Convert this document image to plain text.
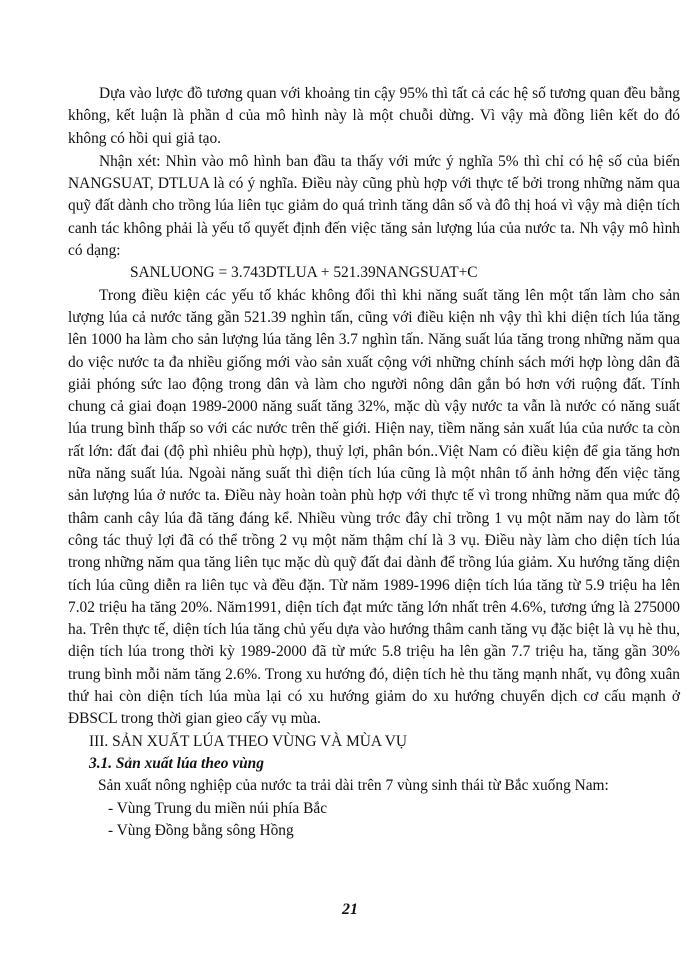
Dựa vào lược đồ tương quan với khoảng tin cậy 95% thì tất cả các hệ số tương quan đều bằng không, kết luận là phần d của mô hình này là một chuỗi dừng. Vì vậy mà đồng liên kết do đó không có hồi qui giả tạo.

Nhận xét: Nhìn vào mô hình ban đầu ta thấy với mức ý nghĩa 5% thì chỉ có hệ số của biến NANGSUAT, DTLUA là có ý nghĩa. Điều này cũng phù hợp với thực tế bởi trong những năm qua quỹ đất dành cho trồng lúa liên tục giảm do quá trình tăng dân số và đô thị hoá vì vậy mà diện tích canh tác không phải là yếu tố quyết định đến việc tăng sản lượng lúa của nước ta. Nh vậy mô hình có dạng:

SANLUONG = 3.743DTLUA + 521.39NANGSUAT+C

Trong điều kiện các yếu tố khác không đổi thì khi năng suất tăng lên một tấn làm cho sản lượng lúa cả nước tăng gần 521.39 nghìn tấn, cũng với điều kiện nh vậy thì khi diện tích lúa tăng lên 1000 ha làm cho sản lượng lúa tăng lên 3.7 nghìn tấn. Năng suất lúa tăng trong những năm qua do việc nước ta đa nhiều giống mới vào sản xuất cộng với những chính sách mới hợp lòng dân đã giải phóng sức lao động trong dân và làm cho người nông dân gắn bó hơn với ruộng đất. Tính chung cả giai đoạn 1989-2000 năng suất tăng 32%, mặc dù vậy nước ta vẫn là nước có năng suất lúa trung bình thấp so với các nước trên thế giới. Hiện nay, tiềm năng sản xuất lúa của nước ta còn rất lớn: đất đai (độ phì nhiêu phù hợp), thuỷ lợi, phân bón..Việt Nam có điều kiện để gia tăng hơn nữa năng suất lúa. Ngoài năng suất thì diện tích lúa cũng là một nhân tố ảnh hởng đến việc tăng sản lượng lúa ở nước ta. Điều này hoàn toàn phù hợp với thực tế vì trong những năm qua mức độ thâm canh cây lúa đã tăng đáng kể. Nhiều vùng trớc đây chỉ trồng 1 vụ một năm nay do làm tốt công tác thuỷ lợi đã có thể trồng 2 vụ một năm thậm chí là 3 vụ. Điều này làm cho diện tích lúa trong những năm qua tăng liên tục mặc dù quỹ đất đai dành để trồng lúa giảm. Xu hướng tăng diện tích lúa cũng diễn ra liên tục và đều đặn. Từ năm 1989-1996 diện tích lúa tăng từ 5.9 triệu ha lên 7.02 triệu ha tăng 20%. Năm1991, diện tích đạt mức tăng lớn nhất trên 4.6%, tương ứng là 275000 ha. Trên thực tế, diện tích lúa tăng chủ yếu dựa vào hướng thâm canh tăng vụ đặc biệt là vụ hè thu, diện tích lúa trong thời kỳ 1989-2000 đã từ mức 5.8 triệu ha lên gần 7.7 triệu ha, tăng gần 30% trung bình mỗi năm tăng 2.6%. Trong xu hướng đó, diện tích hè thu tăng mạnh nhất, vụ đông xuân thứ hai còn diện tích lúa mùa lại có xu hướng giảm do xu hướng chuyển dịch cơ cấu mạnh ở ĐBSCL trong thời gian gieo cấy vụ mùa.

III. SẢN XUẤT LÚA THEO VÙNG VÀ MÙA VỤ

3.1. Sản xuất lúa theo vùng

Sản xuất nông nghiệp của nước ta trải dài trên 7 vùng sinh thái từ Bắc xuống Nam:

- Vùng Trung du miền núi phía Bắc

- Vùng Đồng bằng sông Hồng

21
